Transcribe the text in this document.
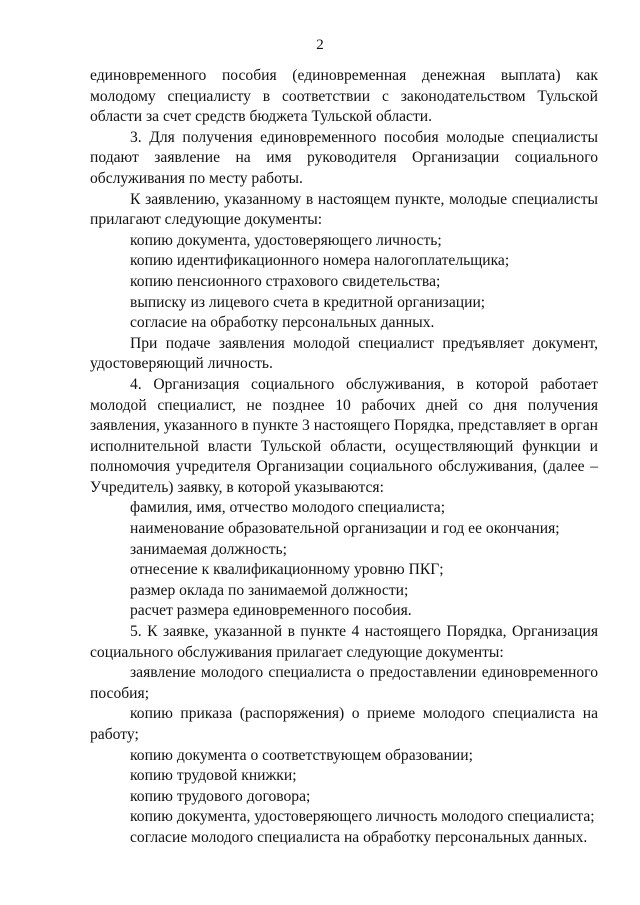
2

единовременного пособия (единовременная денежная выплата) как молодому специалисту в соответствии с законодательством Тульской области за счет средств бюджета Тульской области.

3. Для получения единовременного пособия молодые специалисты подают заявление на имя руководителя Организации социального обслуживания по месту работы.

К заявлению, указанному в настоящем пункте, молодые специалисты прилагают следующие документы:

копию документа, удостоверяющего личность;

копию идентификационного номера налогоплательщика;

копию пенсионного страхового свидетельства;

выписку из лицевого счета в кредитной организации;

согласие на обработку персональных данных.

При подаче заявления молодой специалист предъявляет документ, удостоверяющий личность.

4. Организация социального обслуживания, в которой работает молодой специалист, не позднее 10 рабочих дней со дня получения заявления, указанного в пункте 3 настоящего Порядка, представляет в орган исполнительной власти Тульской области, осуществляющий функции и полномочия учредителя Организации социального обслуживания, (далее – Учредитель) заявку, в которой указываются:

фамилия, имя, отчество молодого специалиста;

наименование образовательной организации и год ее окончания;

занимаемая должность;

отнесение к квалификационному уровню ПКГ;

размер оклада по занимаемой должности;

расчет размера единовременного пособия.

5. К заявке, указанной в пункте 4 настоящего Порядка, Организация социального обслуживания прилагает следующие документы:

заявление молодого специалиста о предоставлении единовременного пособия;

копию приказа (распоряжения) о приеме молодого специалиста на работу;

копию документа о соответствующем образовании;

копию трудовой книжки;

копию трудового договора;

копию документа, удостоверяющего личность молодого специалиста;

согласие молодого специалиста на обработку персональных данных.
